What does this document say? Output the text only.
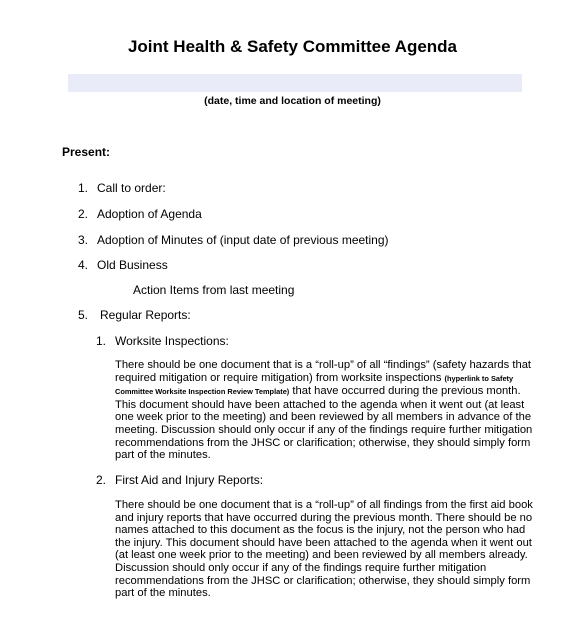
Joint Health & Safety Committee Agenda
(date, time and location of meeting)
Present:
1. Call to order:
2. Adoption of Agenda
3. Adoption of Minutes of (input date of previous meeting)
4. Old Business
Action Items from last meeting
5. Regular Reports:
1. Worksite Inspections:
There should be one document that is a “roll-up” of all “findings” (safety hazards that required mitigation or require mitigation) from worksite inspections (hyperlink to Safety Committee Worksite Inspection Review Template) that have occurred during the previous month. This document should have been attached to the agenda when it went out (at least one week prior to the meeting) and been reviewed by all members in advance of the meeting. Discussion should only occur if any of the findings require further mitigation recommendations from the JHSC or clarification; otherwise, they should simply form part of the minutes.
2. First Aid and Injury Reports:
There should be one document that is a “roll-up” of all findings from the first aid book and injury reports that have occurred during the previous month. There should be no names attached to this document as the focus is the injury, not the person who had the injury. This document should have been attached to the agenda when it went out (at least one week prior to the meeting) and been reviewed by all members already. Discussion should only occur if any of the findings require further mitigation recommendations from the JHSC or clarification; otherwise, they should simply form part of the minutes.
